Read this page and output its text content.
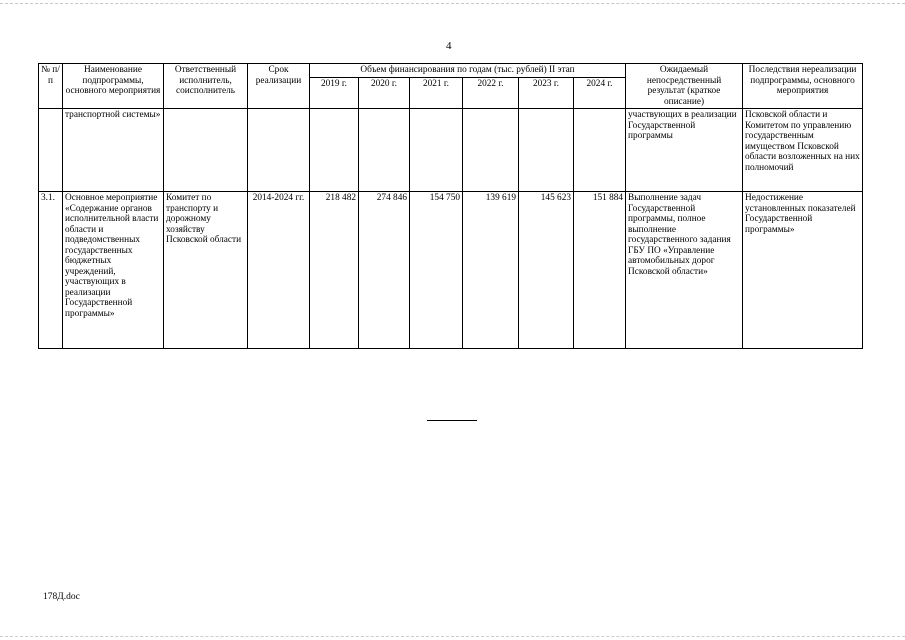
4
№ п/п	Наименование подпрограммы, основного мероприятия	Ответственный исполнитель, соисполнитель	Срок реализации	Объем финансирования по годам (тыс. рублей) II этап						Ожидаемый непосредственный результат (краткое описание)	Последствия нереализации подпрограммы, основного мероприятия
				2019 г.	2020 г.	2021 г.	2022 г.	2023 г.	2024 г.		
	транспортной системы»									участвующих в реализации Государственной программы	Псковской области и Комитетом по управлению государственным имуществом Псковской области возложенных на них полномочий
3.1.	Основное мероприятие «Содержание органов исполнительной власти области и подведомственных государственных бюджетных учреждений, участвующих в реализации Государственной программы»	Комитет по транспорту и дорожному хозяйству Псковской области	2014-2024 гг.	218 482	274 846	154 750	139 619	145 623	151 884	Выполнение задач Государственной программы, полное выполнение государственного задания ГБУ ПО «Управление автомобильных дорог Псковской области»	Недостижение установленных показателей Государственной программы»
178Д.doc
